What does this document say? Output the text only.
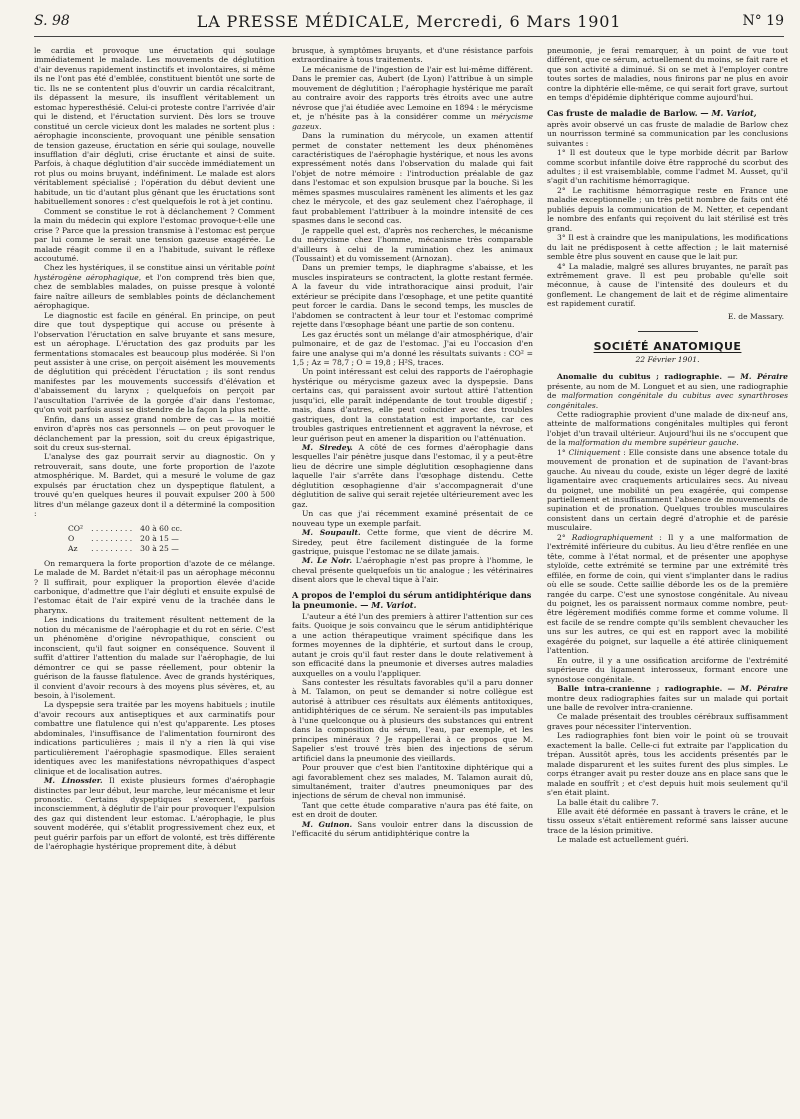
S. 98	LA PRESSE MÉDICALE, Mercredi, 6 Mars 1901	N° 19

le cardia et provoque une éructation qui soulage immédiatement le malade. Les mouvements de déglutition d'air devenus rapidement instinctifs et involontaires, si même ils ne l'ont pas été d'emblée, constituent bientôt une sorte de tic. Ils ne se contentent plus d'ouvrir un cardia récalcitrant, ils dépassent la mesure, ils insufflent véritablement un estomac hyperesthésié. Celui-ci proteste contre l'arrivée d'air qui le distend, et l'éructation survient. Dès lors se trouve constitué un cercle vicieux dont les malades ne sortent plus : aérophagie inconsciente, provoquant une pénible sensation de tension gazeuse, éructation en série qui soulage, nouvelle insufflation d'air dégluti, crise éructante et ainsi de suite. Parfois, à chaque déglutition d'air succède immédiatement un rot plus ou moins bruyant, indéfiniment. Le malade est alors véritablement spécialisé ; l'opération du début devient une habitude, un tic d'autant plus gênant que les éructations sont habituellement sonores : c'est quelquefois le rot à jet continu.

Comment se constitue le rot à déclanchement ? Comment la main du médecin qui explore l'estomac provoque-t-elle une crise ? Parce que la pression transmise à l'estomac est perçue par lui comme le serait une tension gazeuse exagérée. Le malade réagit comme il en a l'habitude, suivant le réflexe accoutumé.

Chez les hystériques, il se constitue ainsi un véritable point hystérogène aérophagique, et l'on comprend très bien que, chez de semblables malades, on puisse presque à volonté faire naître ailleurs de semblables points de déclanchement aérophagique.

Le diagnostic est facile en général. En principe, on peut dire que tout dyspeptique qui accuse ou présente à l'observation l'éructation en salve bruyante et sans mesure, est un aérophage. L'éructation des gaz produits par les fermentations stomacales est beaucoup plus modérée. Si l'on peut assister à une crise, on perçoit aisément les mouvements de déglutition qui précèdent l'éructation ; ils sont rendus manifestes par les mouvements successifs d'élévation et d'abaissement du larynx ; quelquefois on perçoit par l'auscultation l'arrivée de la gorgée d'air dans l'estomac, qu'on voit parfois aussi se distendre de la façon la plus nette.

Enfin, dans un assez grand nombre de cas — la moitié environ d'après nos cas personnels — on peut provoquer le déclanchement par la pression, soit du creux épigastrique, soit du creux sus-sternal.

L'analyse des gaz pourrait servir au diagnostic. On y retrouverait, sans doute, une forte proportion de l'azote atmosphérique. M. Bardet, qui a mesuré le volume de gaz expulsés par éructation chez un dyspeptique flatulent, a trouvé qu'en quelques heures il pouvait expulser 200 à 500 litres d'un mélange gazeux dont il a déterminé la composition :

CO²	. . . . . . . . .	40 à 60 cc.
O	. . . . . . . . .	20 à 15 —
Az	. . . . . . . . .	30 à 25 —

On remarquera la forte proportion d'azote de ce mélange. Le malade de M. Bardet n'était-il pas un aérophage méconnu ? Il suffirait, pour expliquer la proportion élevée d'acide carbonique, d'admettre que l'air dégluti et ensuite expulsé de l'estomac était de l'air expiré venu de la trachée dans le pharynx.

Les indications du traitement résultent nettement de la notion du mécanisme de l'aérophagie et du rot en série. C'est un phénomène d'origine névropathique, conscient ou inconscient, qu'il faut soigner en conséquence. Souvent il suffit d'attirer l'attention du malade sur l'aérophagie, de lui démontrer ce qui se passe réellement, pour obtenir la guérison de la fausse flatulence. Avec de grands hystériques, il convient d'avoir recours à des moyens plus sévères, et, au besoin, à l'isolement.

La dyspepsie sera traitée par les moyens habituels ; inutile d'avoir recours aux antiseptiques et aux carminatifs pour combattre une flatulence qui n'est qu'apparente. Les ptoses abdominales, l'insuffisance de l'alimentation fourniront des indications particulières ; mais il n'y a rien là qui vise particulièrement l'aérophagie spasmodique. Elles seraient identiques avec les manifestations névropathiques d'aspect clinique et de localisation autres.

M. Linossier. Il existe plusieurs formes d'aérophagie distinctes par leur début, leur marche, leur mécanisme et leur pronostic. Certains dyspeptiques s'exercent, parfois inconsciemment, à déglutir de l'air pour provoquer l'expulsion des gaz qui distendent leur estomac. L'aérophagie, le plus souvent modérée, qui s'établit progressivement chez eux, et peut guérir parfois par un effort de volonté, est très différente de l'aérophagie hystérique proprement dite, à début

brusque, à symptômes bruyants, et d'une résistance parfois extraordinaire à tous traitements.

Le mécanisme de l'ingestion de l'air est lui-même différent. Dans le premier cas, Aubert (de Lyon) l'attribue à un simple mouvement de déglutition ; l'aérophagie hystérique me paraît au contraire avoir des rapports très étroits avec une autre névrose que j'ai étudiée avec Lemoine en 1894 : le mérycisme et, je n'hésite pas à la considérer comme un mérycisme gazeux.

Dans la rumination du mérycole, un examen attentif permet de constater nettement les deux phénomènes caractéristiques de l'aérophagie hystérique, et nous les avons expressément notés dans l'observation du malade qui fait l'objet de notre mémoire : l'introduction préalable de gaz dans l'estomac et son expulsion brusque par la bouche. Si les mêmes spasmes musculaires ramènent les aliments et les gaz chez le mérycole, et des gaz seulement chez l'aérophage, il faut probablement l'attribuer à la moindre intensité de ces spasmes dans le second cas.

Je rappelle quel est, d'après nos recherches, le mécanisme du mérycisme chez l'homme, mécanisme très comparable d'ailleurs à celui de la rumination chez les animaux (Toussaint) et du vomissement (Arnozan).

Dans un premier temps, le diaphragme s'abaisse, et les muscles inspirateurs se contractent, la glotte restant fermée. A la faveur du vide intrathoracique ainsi produit, l'air extérieur se précipite dans l'œsophage, et une petite quantité peut forcer le cardia. Dans le second temps, les muscles de l'abdomen se contractent à leur tour et l'estomac comprimé rejette dans l'œsophage béant une partie de son contenu.

Les gaz éructés sont un mélange d'air atmosphérique, d'air pulmonaire, et de gaz de l'estomac. J'ai eu l'occasion d'en faire une analyse qui m'a donné les résultats suivants : CO² = 1,5 ; Az = 78,7 ; O = 19,8 ; H²S, traces.

Un point intéressant est celui des rapports de l'aérophagie hystérique ou mérycisme gazeux avec la dyspepsie. Dans certains cas, qui paraissent avoir surtout attiré l'attention jusqu'ici, elle paraît indépendante de tout trouble digestif ; mais, dans d'autres, elle peut coïncider avec des troubles gastriques, dont la constatation est importante, car ces troubles gastriques entretiennent et aggravent la névrose, et leur guérison peut en amener la disparition ou l'atténuation.

M. Siredey. A côté de ces formes d'aérophagie dans lesquelles l'air pénètre jusque dans l'estomac, il y a peut-être lieu de décrire une simple déglutition œsophagienne dans laquelle l'air s'arrête dans l'œsophage distendu. Cette déglutition œsophagienne d'air s'accompagnerait d'une déglutition de salive qui serait rejetée ultérieurement avec les gaz.

Un cas que j'ai récemment examiné présentait de ce nouveau type un exemple parfait.

M. Soupault. Cette forme, que vient de décrire M. Siredey, peut être facilement distinguée de la forme gastrique, puisque l'estomac ne se dilate jamais.

M. Le Noir. L'aérophagie n'est pas propre à l'homme, le cheval présente quelquefois un tic analogue ; les vétérinaires disent alors que le cheval tique à l'air.

A propos de l'emploi du sérum antidiphtérique dans la pneumonie. — M. Variot.

L'auteur a été l'un des premiers à attirer l'attention sur ces faits. Quoique je sois convaincu que le sérum antidiphtérique a une action thérapeutique vraiment spécifique dans les formes moyennes de la diphtérie, et surtout dans le croup, autant je crois qu'il faut rester dans le doute relativement à son efficacité dans la pneumonie et diverses autres maladies auxquelles on a voulu l'appliquer.

Sans contester les résultats favorables qu'il a paru donner à M. Talamon, on peut se demander si notre collègue est autorisé à attribuer ces résultats aux éléments antitoxiques, antidiphtériques de ce sérum. Ne seraient-ils pas imputables à l'une quelconque ou à plusieurs des substances qui entrent dans la composition du sérum, l'eau, par exemple, et les principes minéraux ? Je rappellerai à ce propos que M. Sapelier s'est trouvé très bien des injections de sérum artificiel dans la pneumonie des vieillards.

Pour prouver que c'est bien l'antitoxine diphtérique qui a agi favorablement chez ses malades, M. Talamon aurait dû, simultanément, traiter d'autres pneumoniques par des injections de sérum de cheval non immunisé.

Tant que cette étude comparative n'aura pas été faite, on est en droit de douter.

M. Guinon. Sans vouloir entrer dans la discussion de l'efficacité du sérum antidiphtérique contre la

pneumonie, je ferai remarquer, à un point de vue tout différent, que ce sérum, actuellement du moins, se fait rare et que son activité a diminué. Si on se met à l'employer contre toutes sortes de maladies, nous finirons par ne plus en avoir contre la diphtérie elle-même, ce qui serait fort grave, surtout en temps d'épidémie diphtérique comme aujourd'hui.

Cas fruste de maladie de Barlow. — M. Variot,

après avoir observé un cas fruste de maladie de Barlow chez un nourrisson terminé sa communication par les conclusions suivantes :

1° Il est douteux que le type morbide décrit par Barlow comme scorbut infantile doive être rapproché du scorbut des adultes ; il est vraisemblable, comme l'admet M. Ausset, qu'il s'agit d'un rachitisme hémorragique.

2° Le rachitisme hémorragique reste en France une maladie exceptionnelle ; un très petit nombre de faits ont été publiés depuis la communication de M. Netter, et cependant le nombre des enfants qui reçoivent du lait stérilisé est très grand.

3° Il est à craindre que les manipulations, les modifications du lait ne prédisposent à cette affection ; le lait maternisé semble être plus souvent en cause que le lait pur.

4° La maladie, malgré ses allures bruyantes, ne paraît pas extrêmement grave. Il est peu probable qu'elle soit méconnue, à cause de l'intensité des douleurs et du gonflement. Le changement de lait et de régime alimentaire est rapidement curatif.

E. de Massary.
SOCIÉTÉ ANATOMIQUE
22 Février 1901.

Anomalie du cubitus ; radiographie. — M. Péraire présente, au nom de M. Longuet et au sien, une radiographie de malformation congénitale du cubitus avec synarthroses congénitales.

Cette radiographie provient d'une malade de dix-neuf ans, atteinte de malformations congénitales multiples qui feront l'objet d'un travail ultérieur. Aujourd'hui ils ne s'occupent que de la malformation du membre supérieur gauche.

1° Cliniquement : Elle consiste dans une absence totale du mouvement de pronation et de supination de l'avant-bras gauche. Au niveau du coude, existe un léger degré de laxité ligamentaire avec craquements articulaires secs. Au niveau du poignet, une mobilité un peu exagérée, qui compense partiellement et insuffisamment l'absence de mouvements de supination et de pronation. Quelques troubles musculaires consistent dans un certain degré d'atrophie et de parésie musculaire.

2° Radiographiquement : Il y a une malformation de l'extrémité inférieure du cubitus. Au lieu d'être renflée en une tête, comme à l'état normal, et de présenter une apophyse styloïde, cette extrémité se termine par une extrémité très effilée, en forme de coin, qui vient s'implanter dans le radius où elle se soude. Cette saillie déborde les os de la première rangée du carpe. C'est une synostose congénitale. Au niveau du poignet, les os paraissent normaux comme nombre, peut-être légèrement modifiés comme forme et comme volume. Il est facile de se rendre compte qu'ils semblent chevaucher les uns sur les autres, ce qui est en rapport avec la mobilité exagérée du poignet, sur laquelle a été attirée cliniquement l'attention.

En outre, il y a une ossification arciforme de l'extrémité supérieure du ligament interosseux, formant encore une synostose congénitale.

Balle intra-cranienne ; radiographie. — M. Péraire montre deux radiographies faites sur un malade qui portait une balle de revolver intra-cranienne.

Ce malade présentait des troubles cérébraux suffisamment graves pour nécessiter l'intervention.

Les radiographies font bien voir le point où se trouvait exactement la balle. Celle-ci fut extraite par l'application du trépan. Aussitôt après, tous les accidents présentés par le malade disparurent et les suites furent des plus simples. Le corps étranger avait pu rester douze ans en place sans que le malade en souffrît ; et c'est depuis huit mois seulement qu'il s'en était plaint.

La balle était du calibre 7.

Elle avait été déformée en passant à travers le crâne, et le tissu osseux s'était entièrement reformé sans laisser aucune trace de la lésion primitive.

Le malade est actuellement guéri.
